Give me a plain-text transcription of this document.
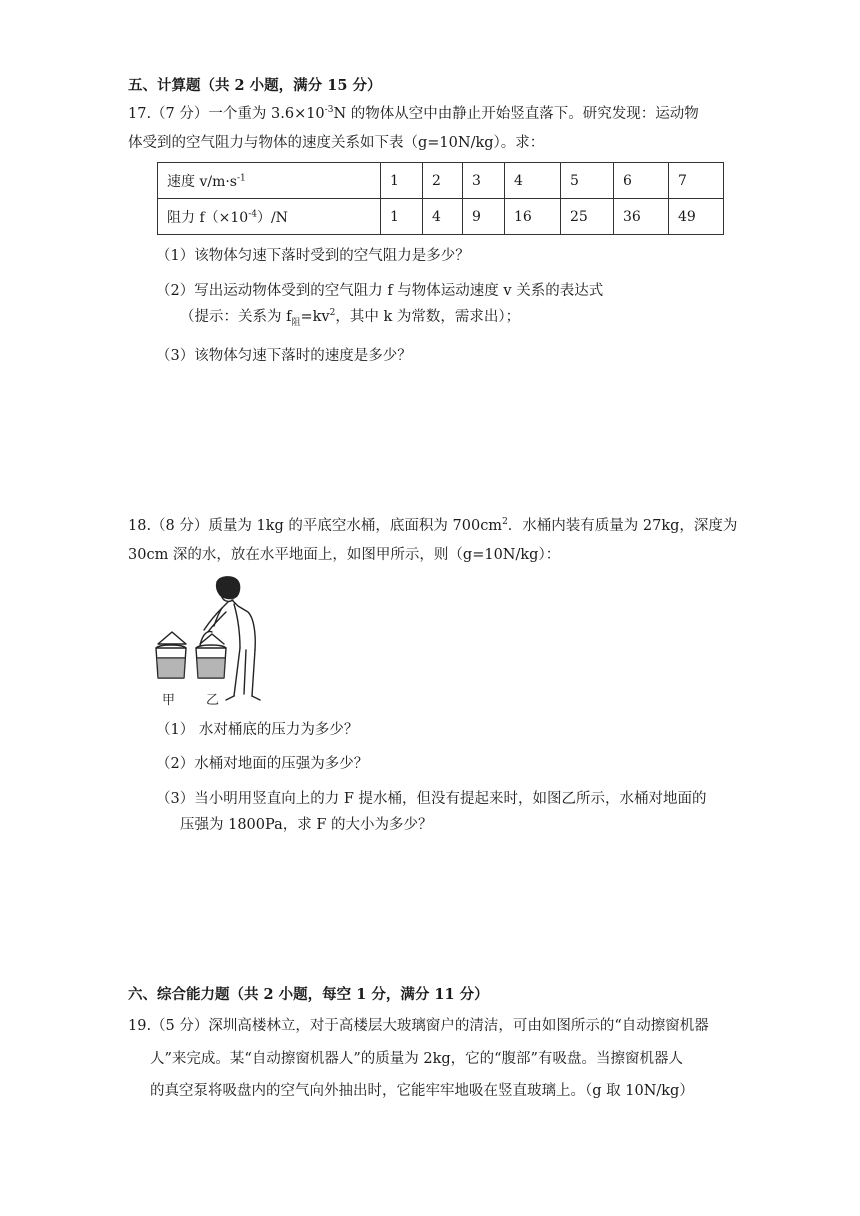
五、计算题（共 2 小题，满分 15 分）
17.（7 分）一个重为 $3.6\times 10^{-3}N$ 的物体从空中由静止开始竖直落下。研究发现：运动物
体受到的空气阻力与物体的速度关系如下表（g=10N/kg）。求：
速度 $v/m\cdot s^{-1}$	1	2	3	4	5	6	7
阻力 $f(\times 10^{-4})/N$	1	4	9	16	25	36	49
（1）该物体匀速下落时受到的空气阻力是多少？
（2）写出运动物体受到的空气阻力 f 与物体运动速度 v 关系的表达式
（提示：关系为 $f_阻=kv^2$，其中 k 为常数，需求出）；
（3）该物体匀速下落时的速度是多少？
18.（8 分）质量为 1kg 的平底空水桶，底面积为 $700cm^2$．水桶内装有质量为 27kg，深度为
30cm 深的水，放在水平地面上，如图甲所示，则（g=10N/kg）：
甲 乙
（1） 水对桶底的压力为多少？
（2）水桶对地面的压强为多少？
（3）当小明用竖直向上的力 F 提水桶，但没有提起来时，如图乙所示，水桶对地面的
压强为 1800Pa，求 F 的大小为多少？
六、综合能力题（共 2 小题，每空 1 分，满分 11 分）
19.（5 分）深圳高楼林立，对于高楼层大玻璃窗户的清洁，可由如图所示的“自动擦窗机器
人”来完成。某“自动擦窗机器人”的质量为 2kg，它的“腹部”有吸盘。当擦窗机器人
的真空泵将吸盘内的空气向外抽出时，它能牢牢地吸在竖直玻璃上。（g 取 10N/kg）
